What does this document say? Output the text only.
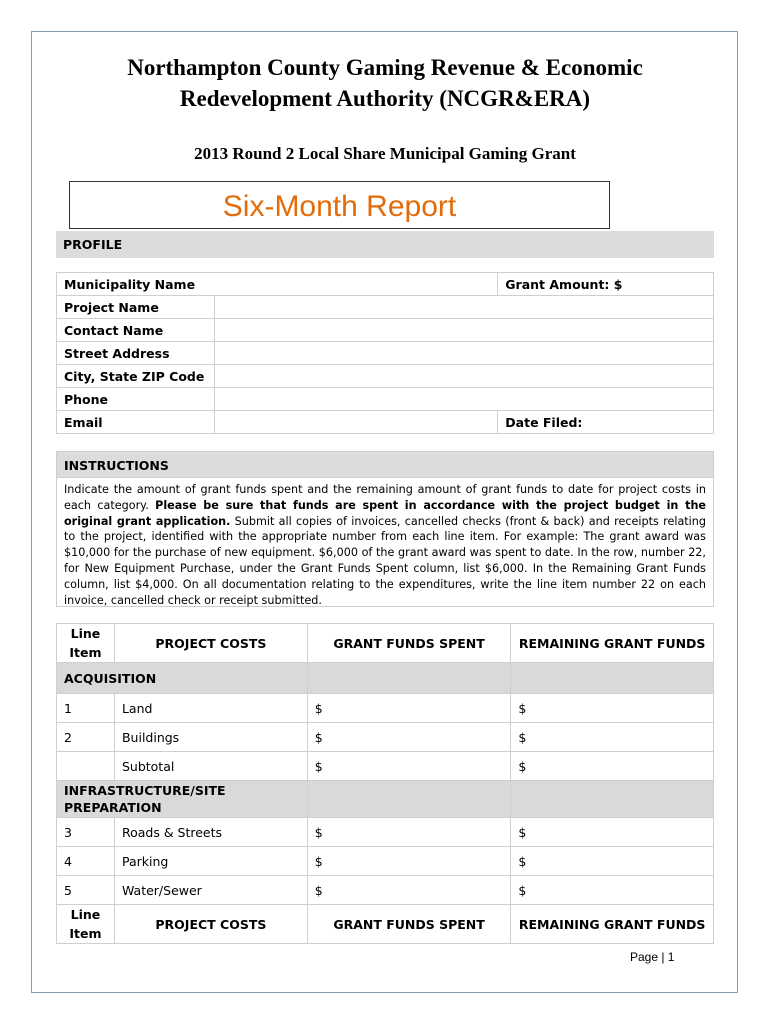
Northampton County Gaming Revenue & Economic
Redevelopment Authority (NCGR&ERA)
2013 Round 2 Local Share Municipal Gaming Grant
Six-Month Report
PROFILE
Municipality Name		Grant Amount: $
Project Name		
Contact Name		
Street Address		
City, State ZIP Code		
Phone		
Email		Date Filed:
INSTRUCTIONS
Indicate the amount of grant funds spent and the remaining amount of grant funds to date for project costs in each category. Please be sure that funds are spent in accordance with the project budget in the original grant application. Submit all copies of invoices, cancelled checks (front & back) and receipts relating to the project, identified with the appropriate number from each line item. For example: The grant award was $10,000 for the purchase of new equipment. $6,000 of the grant award was spent to date. In the row, number 22, for New Equipment Purchase, under the Grant Funds Spent column, list $6,000. In the Remaining Grant Funds column, list $4,000. On all documentation relating to the expenditures, write the line item number 22 on each invoice, cancelled check or receipt submitted.
Line Item	PROJECT COSTS	GRANT FUNDS SPENT	REMAINING GRANT FUNDS
ACQUISITION			
1	Land	$	$
2	Buildings	$	$
	Subtotal	$	$

INFRASTRUCTURE/SITE PREPARATION			

3	Roads & Streets	$	$
4	Parking	$	$
5	Water/Sewer	$	$
Line Item	PROJECT COSTS	GRANT FUNDS SPENT	REMAINING GRANT FUNDS
Page | 1
